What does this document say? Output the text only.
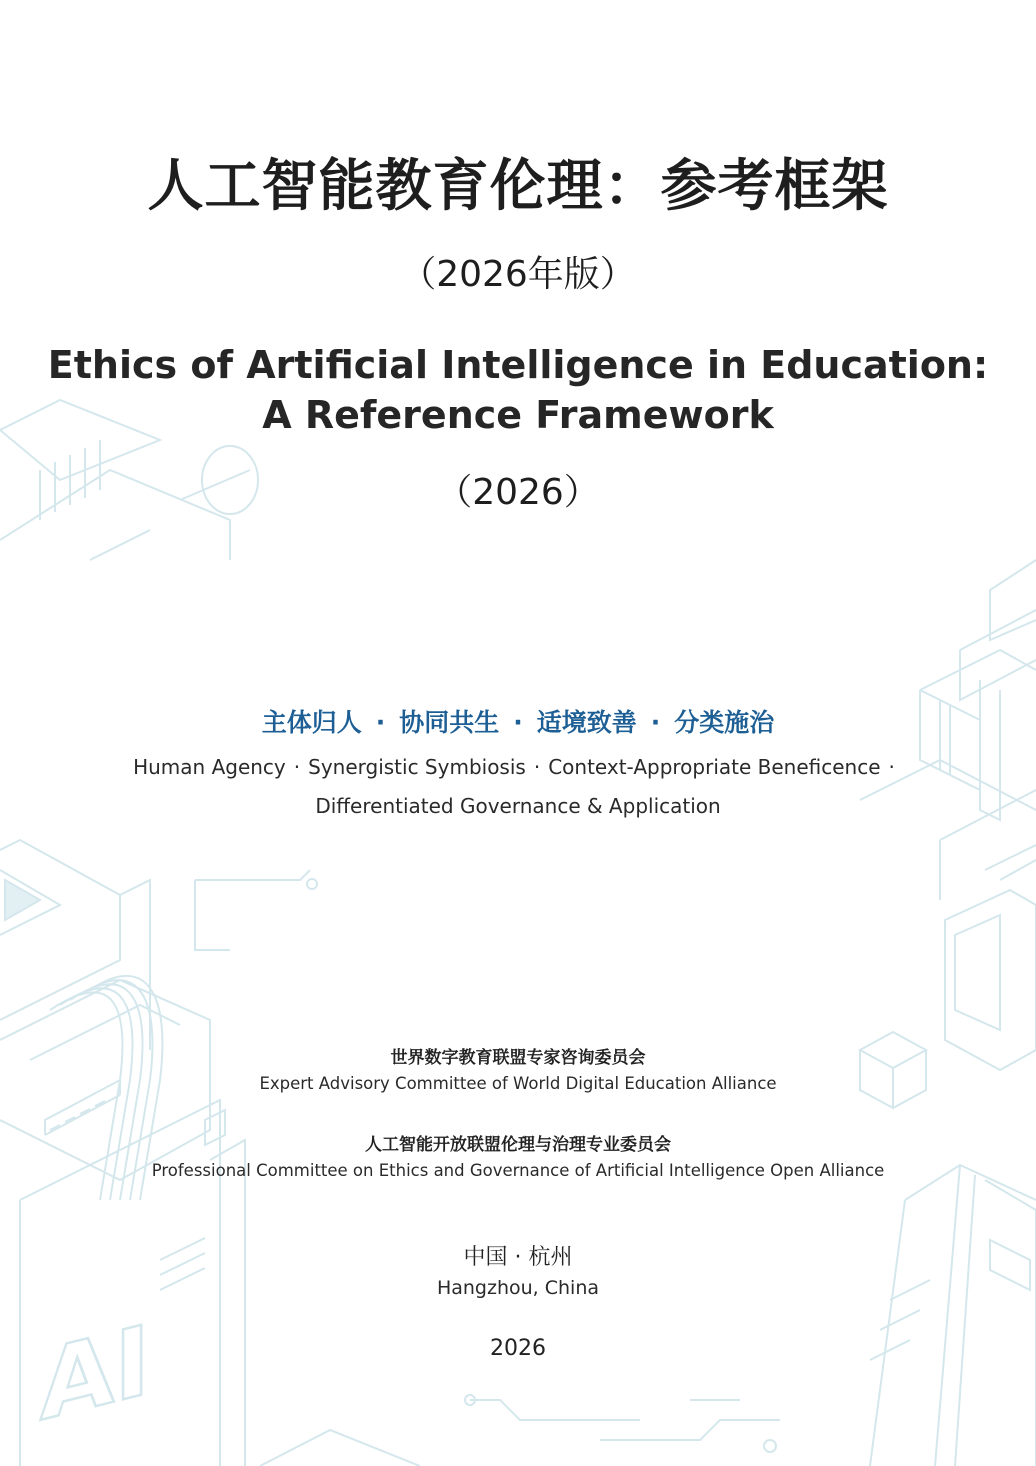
AI
人工智能教育伦理：参考框架
（2026年版）
Ethics of Artificial Intelligence in Education:
A Reference Framework
（2026）
主体归人 · 协同共生 · 适境致善 · 分类施治
Human Agency · Synergistic Symbiosis · Context-Appropriate Beneficence ·
Differentiated Governance & Application
世界数字教育联盟专家咨询委员会
Expert Advisory Committee of World Digital Education Alliance
人工智能开放联盟伦理与治理专业委员会
Professional Committee on Ethics and Governance of Artificial Intelligence Open Alliance
中国 · 杭州
Hangzhou, China
2026
